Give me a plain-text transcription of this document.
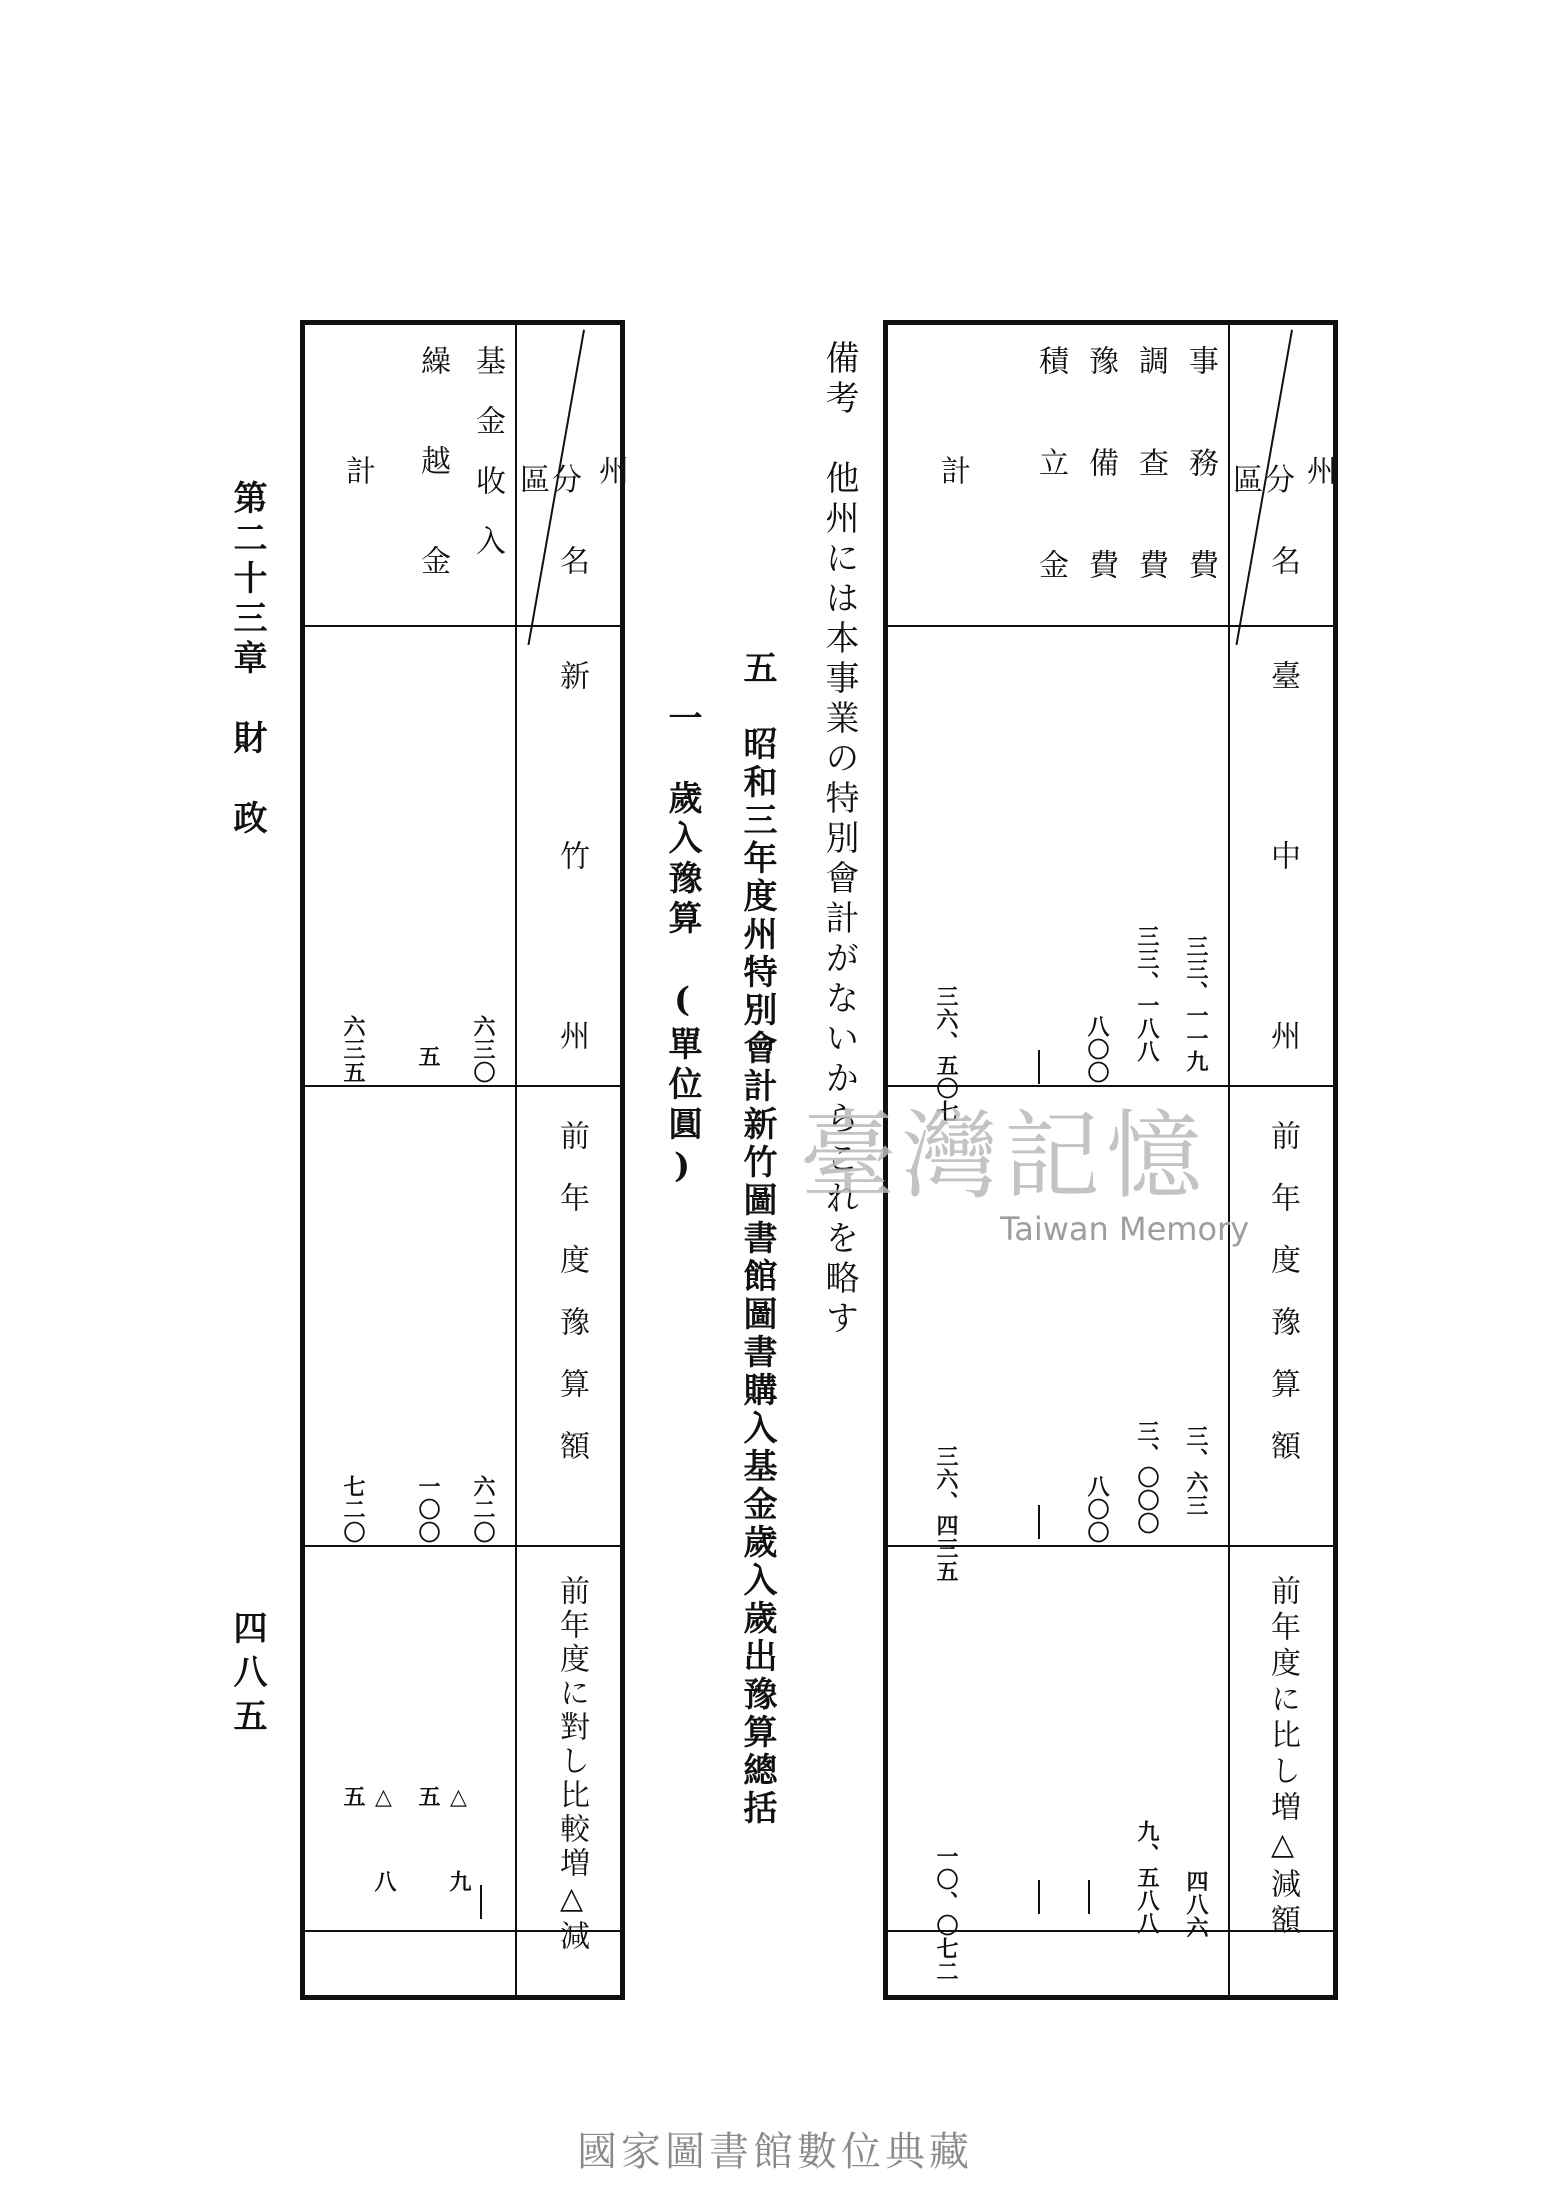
州
名
區分
臺　中　州
前年度豫算額
前年度に比し増△減額
事務費
調查費
豫備費
積立金
計
三三、一一九
三三、一八八
八〇〇
三六、五〇七
三、六三
三、〇〇〇
八〇〇
三六、四三五
四八六
九、五八八
一〇、〇七二
備考　他州には本事業の特別會計がないからこれを略す
五　昭和三年度州特別會計新竹圖書館圖書購入基金歲入歲出豫算總括
一　歲入豫算　(單位圓)
州
名
區分
新　竹　州
前年度豫算額
前年度に對し比較増△減
基金收入
繰越金
計
六三〇
五
六三五
六二〇
一〇〇
七二〇
△九五
△八五
第二十三章　財　政
四八五
臺灣記憶
Taiwan Memory
國家圖書館數位典藏
